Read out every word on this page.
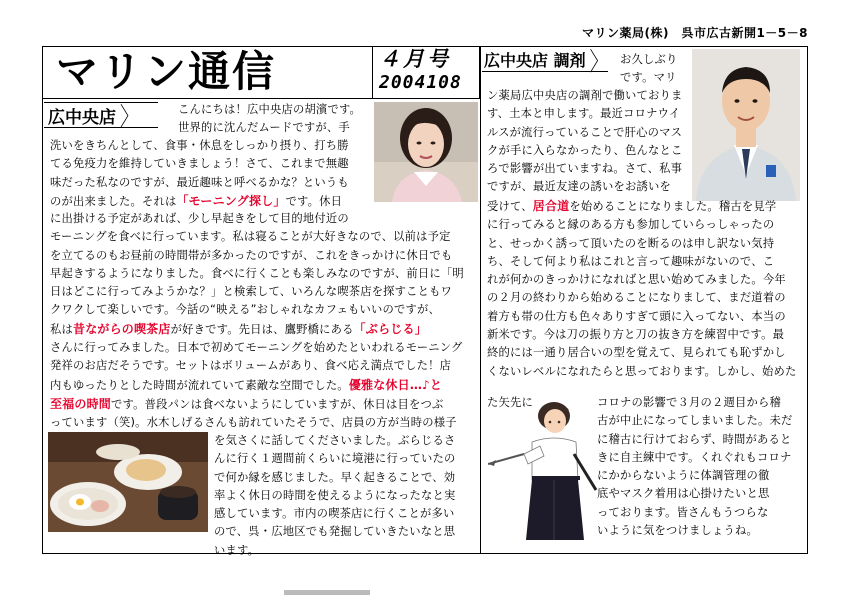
マリン薬局(株)　呉市広古新開1－5－8
マリン通信	４月号
2004108
広中央店 〉	こんにちは！広中央店の胡濱です。
世界的に沈んだムードですが、手
洗いをきちんとして、食事・休息をしっかり摂り、打ち勝
てる免疫力を維持していきましょう！さて、これまで無趣
味だった私なのですが、最近趣味と呼べるかな？というも
のが出来ました。それは「モーニング探し」です。休日
に出掛ける予定があれば、少し早起きをして目的地付近の
モーニングを食べに行っています。私は寝ることが大好きなので、以前は予定
を立てるのもお昼前の時間帯が多かったのですが、これをきっかけに休日でも
早起きするようになりました。食べに行くことも楽しみなのですが、前日に「明
日はどこに行ってみようかな？」と検索して、いろんな喫茶店を探すこともワ
クワクして楽しいです。今話の“映える”おしゃれなカフェもいいのですが、
私は昔ながらの喫茶店が好きです。先日は、鷹野橋にある「ぶらじる」
さんに行ってみました。日本で初めてモーニングを始めたといわれるモーニング
発祥のお店だそうです。セットはボリュームがあり、食べ応え満点でした！店
内もゆったりとした時間が流れていて素敵な空間でした。優雅な休日…♪と
至福の時間です。普段パンは食べないようにしていますが、休日は目をつぶ
っています（笑)。水木しげるさんも訪れていたそうで、店員の方が当時の様子
を気さくに話してくださいました。ぶらじるさ
んに行く１週間前くらいに境港に行っていたの
で何か縁を感じました。早く起きることで、効
率よく休日の時間を使えるようになったなと実
感しています。市内の喫茶店に行くことが多い
ので、呉・広地区でも発掘していきたいなと思
います。
広中央店 調剤 〉 お久しぶり
です。マリ
ン薬局広中央店の調剤で働いておりま
す、土本と申します。最近コロナウイ
ルスが流行っていることで肝心のマス
クが手に入らなかったり、色んなとこ
ろで影響が出ていますね。さて、私事
ですが、最近友達の誘いをお誘いを
受けて、居合道を始めることになりました。稽古を見学
に行ってみると縁のある方も参加していらっしゃったの
と、せっかく誘って頂いたのを断るのは申し訳ない気持
ち、そして何より私はこれと言って趣味がないので、こ
れが何かのきっかけになればと思い始めてみました。今年
の２月の終わりから始めることになりまして、まだ道着の
着方も帯の仕方も色々ありすぎて頭に入ってない、本当の
新米です。今は刀の振り方と刀の抜き方を練習中です。最
終的には一通り居合いの型を覚えて、見られても恥ずかし
くないレベルになれたらと思っております。しかし、始めた
た矢先に	コロナの影響で３月の２週目から稽
古が中止になってしまいました。未だ
に稽古に行けておらず、時間があると
きに自主練中です。くれぐれもコロナ
にかからないように体調管理の徹
底やマスク着用は心掛けたいと思
っております。皆さんもうつらな
いように気をつけましょうね。
